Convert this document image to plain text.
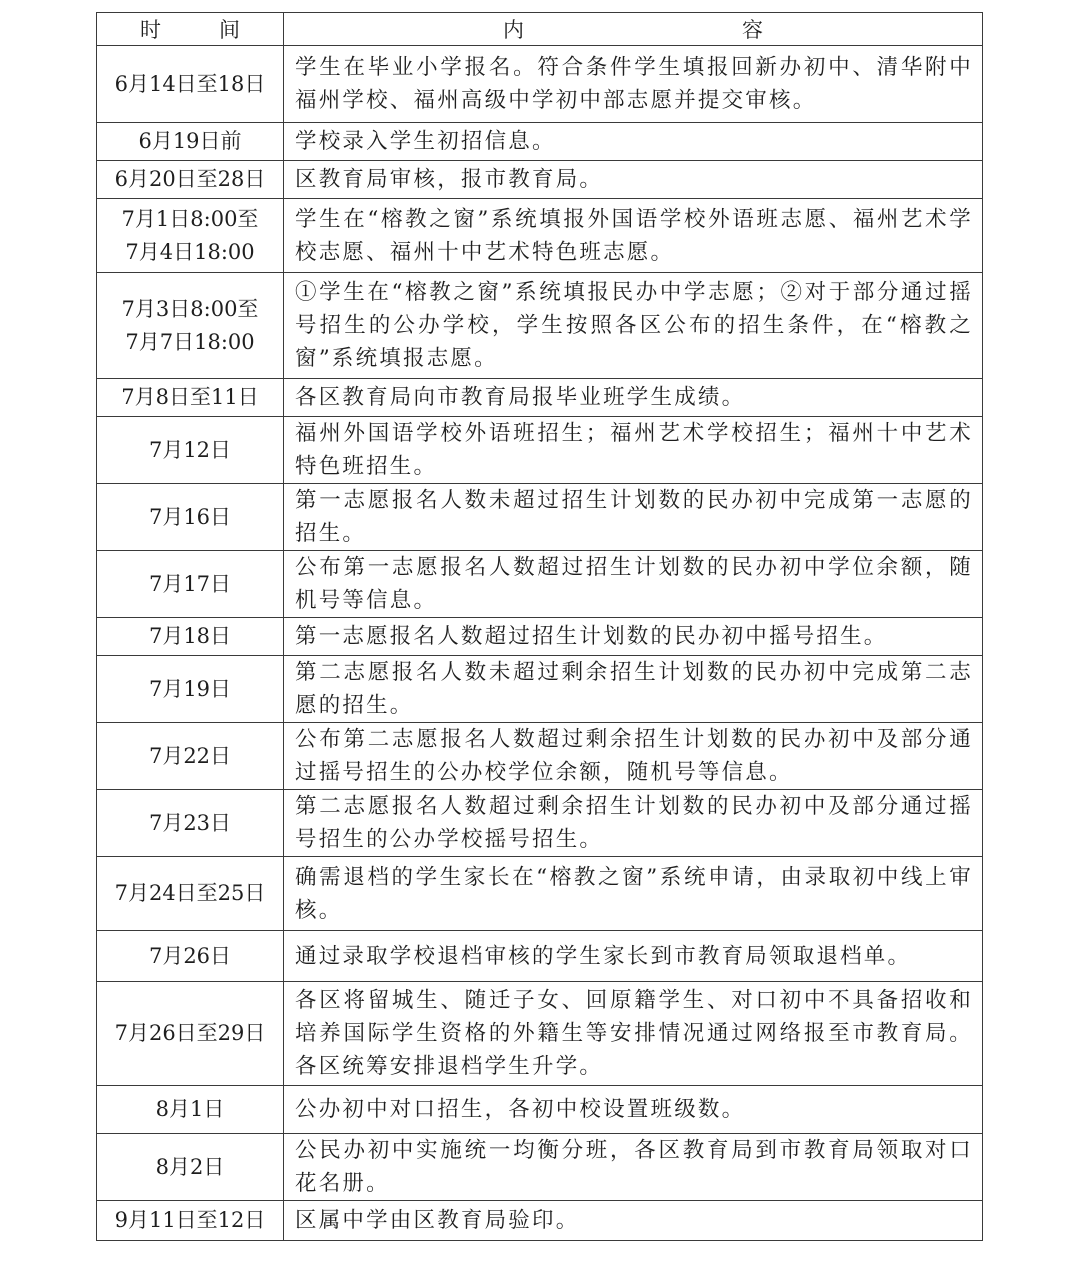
时 间	内 容

6月14日至18日	学生在毕业小学报名。符合条件学生填报回新办初中、清华附中福州学校、福州高级中学初中部志愿并提交审核。

6月19日前	学校录入学生初招信息。

6月20日至28日	区教育局审核，报市教育局。

7月1日8:00至
7月4日18:00	学生在“榕教之窗”系统填报外国语学校外语班志愿、福州艺术学校志愿、福州十中艺术特色班志愿。

7月3日8:00至
7月7日18:00	①学生在“榕教之窗”系统填报民办中学志愿；②对于部分通过摇号招生的公办学校，学生按照各区公布的招生条件，在“榕教之窗”系统填报志愿。

7月8日至11日	各区教育局向市教育局报毕业班学生成绩。

7月12日	福州外国语学校外语班招生；福州艺术学校招生；福州十中艺术特色班招生。

7月16日	第一志愿报名人数未超过招生计划数的民办初中完成第一志愿的招生。

7月17日	公布第一志愿报名人数超过招生计划数的民办初中学位余额，随机号等信息。

7月18日	第一志愿报名人数超过招生计划数的民办初中摇号招生。

7月19日	第二志愿报名人数未超过剩余招生计划数的民办初中完成第二志愿的招生。

7月22日	公布第二志愿报名人数超过剩余招生计划数的民办初中及部分通过摇号招生的公办校学位余额，随机号等信息。

7月23日	第二志愿报名人数超过剩余招生计划数的民办初中及部分通过摇号招生的公办学校摇号招生。

7月24日至25日	确需退档的学生家长在“榕教之窗”系统申请，由录取初中线上审核。

7月26日	通过录取学校退档审核的学生家长到市教育局领取退档单。

7月26日至29日	各区将留城生、随迁子女、回原籍学生、对口初中不具备招收和培养国际学生资格的外籍生等安排情况通过网络报至市教育局。各区统筹安排退档学生升学。

8月1日	公办初中对口招生，各初中校设置班级数。

8月2日	公民办初中实施统一均衡分班，各区教育局到市教育局领取对口花名册。

9月11日至12日	区属中学由区教育局验印。
